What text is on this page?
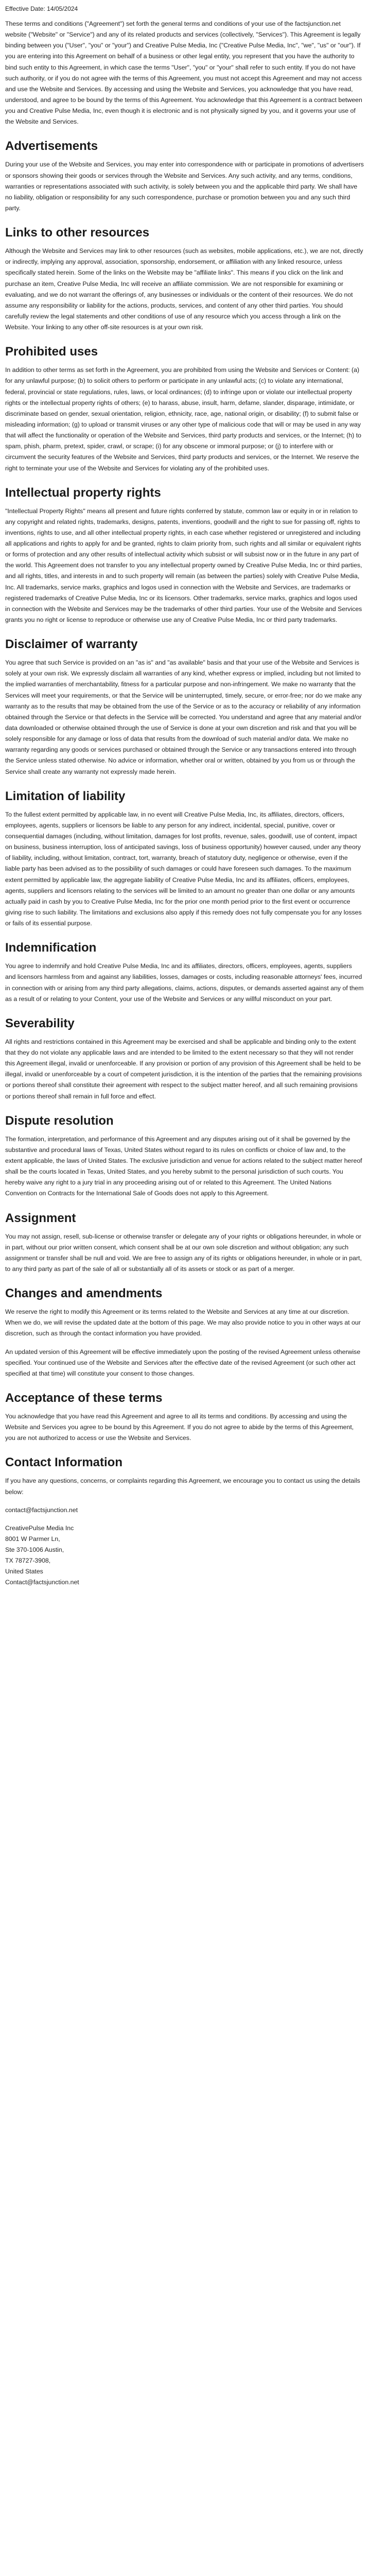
Effective Date: 14/05/2024

These terms and conditions ("Agreement") set forth the general terms and conditions of your use of the factsjunction.net website ("Website" or "Service") and any of its related products and services (collectively, "Services"). This Agreement is legally binding between you ("User", "you" or "your") and Creative Pulse Media, Inc ("Creative Pulse Media, Inc", "we", "us" or "our"). If you are entering into this Agreement on behalf of a business or other legal entity, you represent that you have the authority to bind such entity to this Agreement, in which case the terms "User", "you" or "your" shall refer to such entity. If you do not have such authority, or if you do not agree with the terms of this Agreement, you must not accept this Agreement and may not access and use the Website and Services. By accessing and using the Website and Services, you acknowledge that you have read, understood, and agree to be bound by the terms of this Agreement. You acknowledge that this Agreement is a contract between you and Creative Pulse Media, Inc, even though it is electronic and is not physically signed by you, and it governs your use of the Website and Services.

Advertisements

During your use of the Website and Services, you may enter into correspondence with or participate in promotions of advertisers or sponsors showing their goods or services through the Website and Services. Any such activity, and any terms, conditions, warranties or representations associated with such activity, is solely between you and the applicable third party. We shall have no liability, obligation or responsibility for any such correspondence, purchase or promotion between you and any such third party.

Links to other resources

Although the Website and Services may link to other resources (such as websites, mobile applications, etc.), we are not, directly or indirectly, implying any approval, association, sponsorship, endorsement, or affiliation with any linked resource, unless specifically stated herein. Some of the links on the Website may be "affiliate links". This means if you click on the link and purchase an item, Creative Pulse Media, Inc will receive an affiliate commission. We are not responsible for examining or evaluating, and we do not warrant the offerings of, any businesses or individuals or the content of their resources. We do not assume any responsibility or liability for the actions, products, services, and content of any other third parties. You should carefully review the legal statements and other conditions of use of any resource which you access through a link on the Website. Your linking to any other off-site resources is at your own risk.

Prohibited uses

In addition to other terms as set forth in the Agreement, you are prohibited from using the Website and Services or Content: (a) for any unlawful purpose; (b) to solicit others to perform or participate in any unlawful acts; (c) to violate any international, federal, provincial or state regulations, rules, laws, or local ordinances; (d) to infringe upon or violate our intellectual property rights or the intellectual property rights of others; (e) to harass, abuse, insult, harm, defame, slander, disparage, intimidate, or discriminate based on gender, sexual orientation, religion, ethnicity, race, age, national origin, or disability; (f) to submit false or misleading information; (g) to upload or transmit viruses or any other type of malicious code that will or may be used in any way that will affect the functionality or operation of the Website and Services, third party products and services, or the Internet; (h) to spam, phish, pharm, pretext, spider, crawl, or scrape; (i) for any obscene or immoral purpose; or (j) to interfere with or circumvent the security features of the Website and Services, third party products and services, or the Internet. We reserve the right to terminate your use of the Website and Services for violating any of the prohibited uses.

Intellectual property rights

"Intellectual Property Rights" means all present and future rights conferred by statute, common law or equity in or in relation to any copyright and related rights, trademarks, designs, patents, inventions, goodwill and the right to sue for passing off, rights to inventions, rights to use, and all other intellectual property rights, in each case whether registered or unregistered and including all applications and rights to apply for and be granted, rights to claim priority from, such rights and all similar or equivalent rights or forms of protection and any other results of intellectual activity which subsist or will subsist now or in the future in any part of the world. This Agreement does not transfer to you any intellectual property owned by Creative Pulse Media, Inc or third parties, and all rights, titles, and interests in and to such property will remain (as between the parties) solely with Creative Pulse Media, Inc. All trademarks, service marks, graphics and logos used in connection with the Website and Services, are trademarks or registered trademarks of Creative Pulse Media, Inc or its licensors. Other trademarks, service marks, graphics and logos used in connection with the Website and Services may be the trademarks of other third parties. Your use of the Website and Services grants you no right or license to reproduce or otherwise use any of Creative Pulse Media, Inc or third party trademarks.

Disclaimer of warranty

You agree that such Service is provided on an "as is" and "as available" basis and that your use of the Website and Services is solely at your own risk. We expressly disclaim all warranties of any kind, whether express or implied, including but not limited to the implied warranties of merchantability, fitness for a particular purpose and non-infringement. We make no warranty that the Services will meet your requirements, or that the Service will be uninterrupted, timely, secure, or error-free; nor do we make any warranty as to the results that may be obtained from the use of the Service or as to the accuracy or reliability of any information obtained through the Service or that defects in the Service will be corrected. You understand and agree that any material and/or data downloaded or otherwise obtained through the use of Service is done at your own discretion and risk and that you will be solely responsible for any damage or loss of data that results from the download of such material and/or data. We make no warranty regarding any goods or services purchased or obtained through the Service or any transactions entered into through the Service unless stated otherwise. No advice or information, whether oral or written, obtained by you from us or through the Service shall create any warranty not expressly made herein.

Limitation of liability

To the fullest extent permitted by applicable law, in no event will Creative Pulse Media, Inc, its affiliates, directors, officers, employees, agents, suppliers or licensors be liable to any person for any indirect, incidental, special, punitive, cover or consequential damages (including, without limitation, damages for lost profits, revenue, sales, goodwill, use of content, impact on business, business interruption, loss of anticipated savings, loss of business opportunity) however caused, under any theory of liability, including, without limitation, contract, tort, warranty, breach of statutory duty, negligence or otherwise, even if the liable party has been advised as to the possibility of such damages or could have foreseen such damages. To the maximum extent permitted by applicable law, the aggregate liability of Creative Pulse Media, Inc and its affiliates, officers, employees, agents, suppliers and licensors relating to the services will be limited to an amount no greater than one dollar or any amounts actually paid in cash by you to Creative Pulse Media, Inc for the prior one month period prior to the first event or occurrence giving rise to such liability. The limitations and exclusions also apply if this remedy does not fully compensate you for any losses or fails of its essential purpose.

Indemnification

You agree to indemnify and hold Creative Pulse Media, Inc and its affiliates, directors, officers, employees, agents, suppliers and licensors harmless from and against any liabilities, losses, damages or costs, including reasonable attorneys' fees, incurred in connection with or arising from any third party allegations, claims, actions, disputes, or demands asserted against any of them as a result of or relating to your Content, your use of the Website and Services or any willful misconduct on your part.

Severability

All rights and restrictions contained in this Agreement may be exercised and shall be applicable and binding only to the extent that they do not violate any applicable laws and are intended to be limited to the extent necessary so that they will not render this Agreement illegal, invalid or unenforceable. If any provision or portion of any provision of this Agreement shall be held to be illegal, invalid or unenforceable by a court of competent jurisdiction, it is the intention of the parties that the remaining provisions or portions thereof shall constitute their agreement with respect to the subject matter hereof, and all such remaining provisions or portions thereof shall remain in full force and effect.

Dispute resolution

The formation, interpretation, and performance of this Agreement and any disputes arising out of it shall be governed by the substantive and procedural laws of Texas, United States without regard to its rules on conflicts or choice of law and, to the extent applicable, the laws of United States. The exclusive jurisdiction and venue for actions related to the subject matter hereof shall be the courts located in Texas, United States, and you hereby submit to the personal jurisdiction of such courts. You hereby waive any right to a jury trial in any proceeding arising out of or related to this Agreement. The United Nations Convention on Contracts for the International Sale of Goods does not apply to this Agreement.

Assignment

You may not assign, resell, sub-license or otherwise transfer or delegate any of your rights or obligations hereunder, in whole or in part, without our prior written consent, which consent shall be at our own sole discretion and without obligation; any such assignment or transfer shall be null and void. We are free to assign any of its rights or obligations hereunder, in whole or in part, to any third party as part of the sale of all or substantially all of its assets or stock or as part of a merger.

Changes and amendments

We reserve the right to modify this Agreement or its terms related to the Website and Services at any time at our discretion. When we do, we will revise the updated date at the bottom of this page. We may also provide notice to you in other ways at our discretion, such as through the contact information you have provided.

An updated version of this Agreement will be effective immediately upon the posting of the revised Agreement unless otherwise specified. Your continued use of the Website and Services after the effective date of the revised Agreement (or such other act specified at that time) will constitute your consent to those changes.

Acceptance of these terms

You acknowledge that you have read this Agreement and agree to all its terms and conditions. By accessing and using the Website and Services you agree to be bound by this Agreement. If you do not agree to abide by the terms of this Agreement, you are not authorized to access or use the Website and Services.

Contact Information

If you have any questions, concerns, or complaints regarding this Agreement, we encourage you to contact us using the details below:

contact@factsjunction.net

CreativePulse Media Inc
8001 W Parmer Ln,
Ste 370-1006 Austin,
TX 78727-3908,
United States
Contact@factsjunction.net
